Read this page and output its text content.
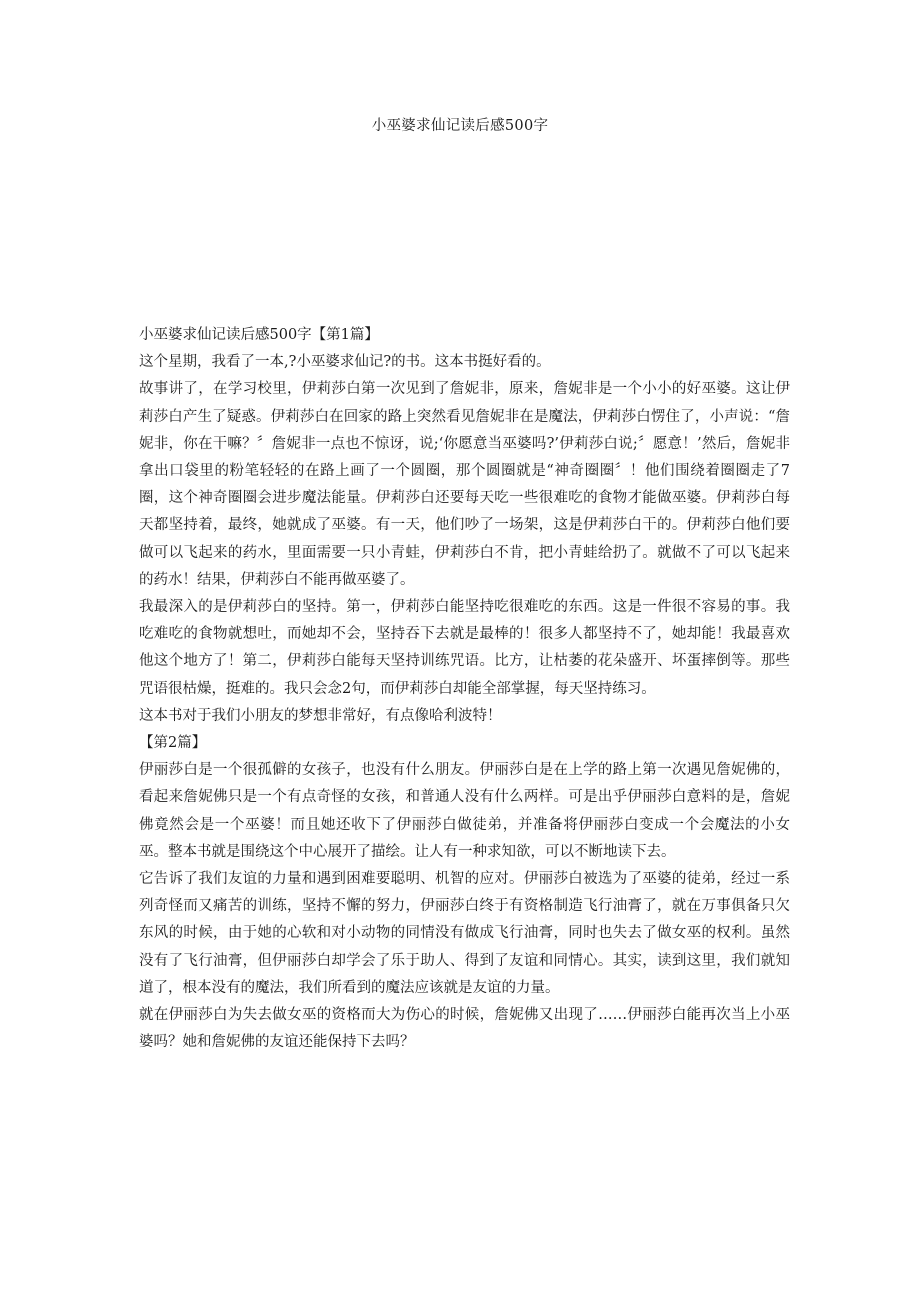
小巫婆求仙记读后感500字

小巫婆求仙记读后感500字【第1篇】

这个星期，我看了一本,?小巫婆求仙记?的书。这本书挺好看的。

故事讲了，在学习校里，伊莉莎白第一次见到了詹妮非，原来，詹妮非是一个小小的好巫婆。这让伊莉莎白产生了疑惑。伊莉莎白在回家的路上突然看见詹妮非在是魔法，伊莉莎白愣住了，小声说：“詹妮非，你在干嘛？〞詹妮非一点也不惊讶，说;‘你愿意当巫婆吗?’伊莉莎白说;〞愿意！’然后，詹妮非拿出口袋里的粉笔轻轻的在路上画了一个圆圈，那个圆圈就是“神奇圈圈〞！他们围绕着圈圈走了7圈，这个神奇圈圈会进步魔法能量。伊莉莎白还要每天吃一些很难吃的食物才能做巫婆。伊莉莎白每天都坚持着，最终，她就成了巫婆。有一天，他们吵了一场架，这是伊莉莎白干的。伊莉莎白他们要做可以飞起来的药水，里面需要一只小青蛙，伊莉莎白不肯，把小青蛙给扔了。就做不了可以飞起来的药水！结果，伊莉莎白不能再做巫婆了。

我最深入的是伊莉莎白的坚持。第一，伊莉莎白能坚持吃很难吃的东西。这是一件很不容易的事。我吃难吃的食物就想吐，而她却不会，坚持吞下去就是最棒的！很多人都坚持不了，她却能！我最喜欢他这个地方了！第二，伊莉莎白能每天坚持训练咒语。比方，让枯萎的花朵盛开、坏蛋摔倒等。那些咒语很枯燥，挺难的。我只会念2句，而伊莉莎白却能全部掌握，每天坚持练习。

这本书对于我们小朋友的梦想非常好，有点像哈利波特！

【第2篇】

伊丽莎白是一个很孤僻的女孩子，也没有什么朋友。伊丽莎白是在上学的路上第一次遇见詹妮佛的，看起来詹妮佛只是一个有点奇怪的女孩，和普通人没有什么两样。可是出乎伊丽莎白意料的是，詹妮佛竟然会是一个巫婆！而且她还收下了伊丽莎白做徒弟，并准备将伊丽莎白变成一个会魔法的小女巫。整本书就是围绕这个中心展开了描绘。让人有一种求知欲，可以不断地读下去。

它告诉了我们友谊的力量和遇到困难要聪明、机智的应对。伊丽莎白被选为了巫婆的徒弟，经过一系列奇怪而又痛苦的训练，坚持不懈的努力，伊丽莎白终于有资格制造飞行油膏了，就在万事俱备只欠东风的时候，由于她的心软和对小动物的同情没有做成飞行油膏，同时也失去了做女巫的权利。虽然没有了飞行油膏，但伊丽莎白却学会了乐于助人、得到了友谊和同情心。其实，读到这里，我们就知道了，根本没有的魔法，我们所看到的魔法应该就是友谊的力量。

就在伊丽莎白为失去做女巫的资格而大为伤心的时候，詹妮佛又出现了……伊丽莎白能再次当上小巫婆吗？她和詹妮佛的友谊还能保持下去吗？
